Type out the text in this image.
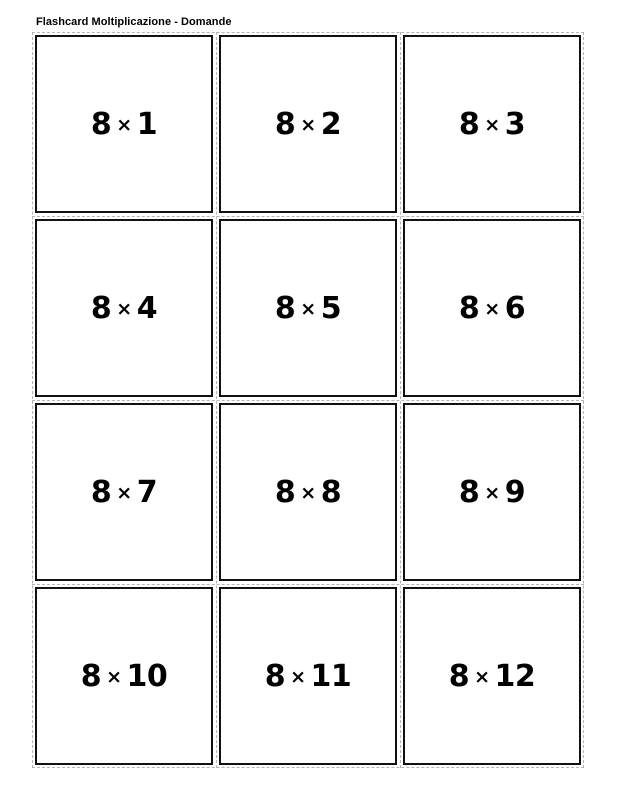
Flashcard Moltiplicazione - Domande
8 × 1	8 × 2	8 × 3
8 × 4	8 × 5	8 × 6
8 × 7	8 × 8	8 × 9
8 × 10	8 × 11	8 × 12
